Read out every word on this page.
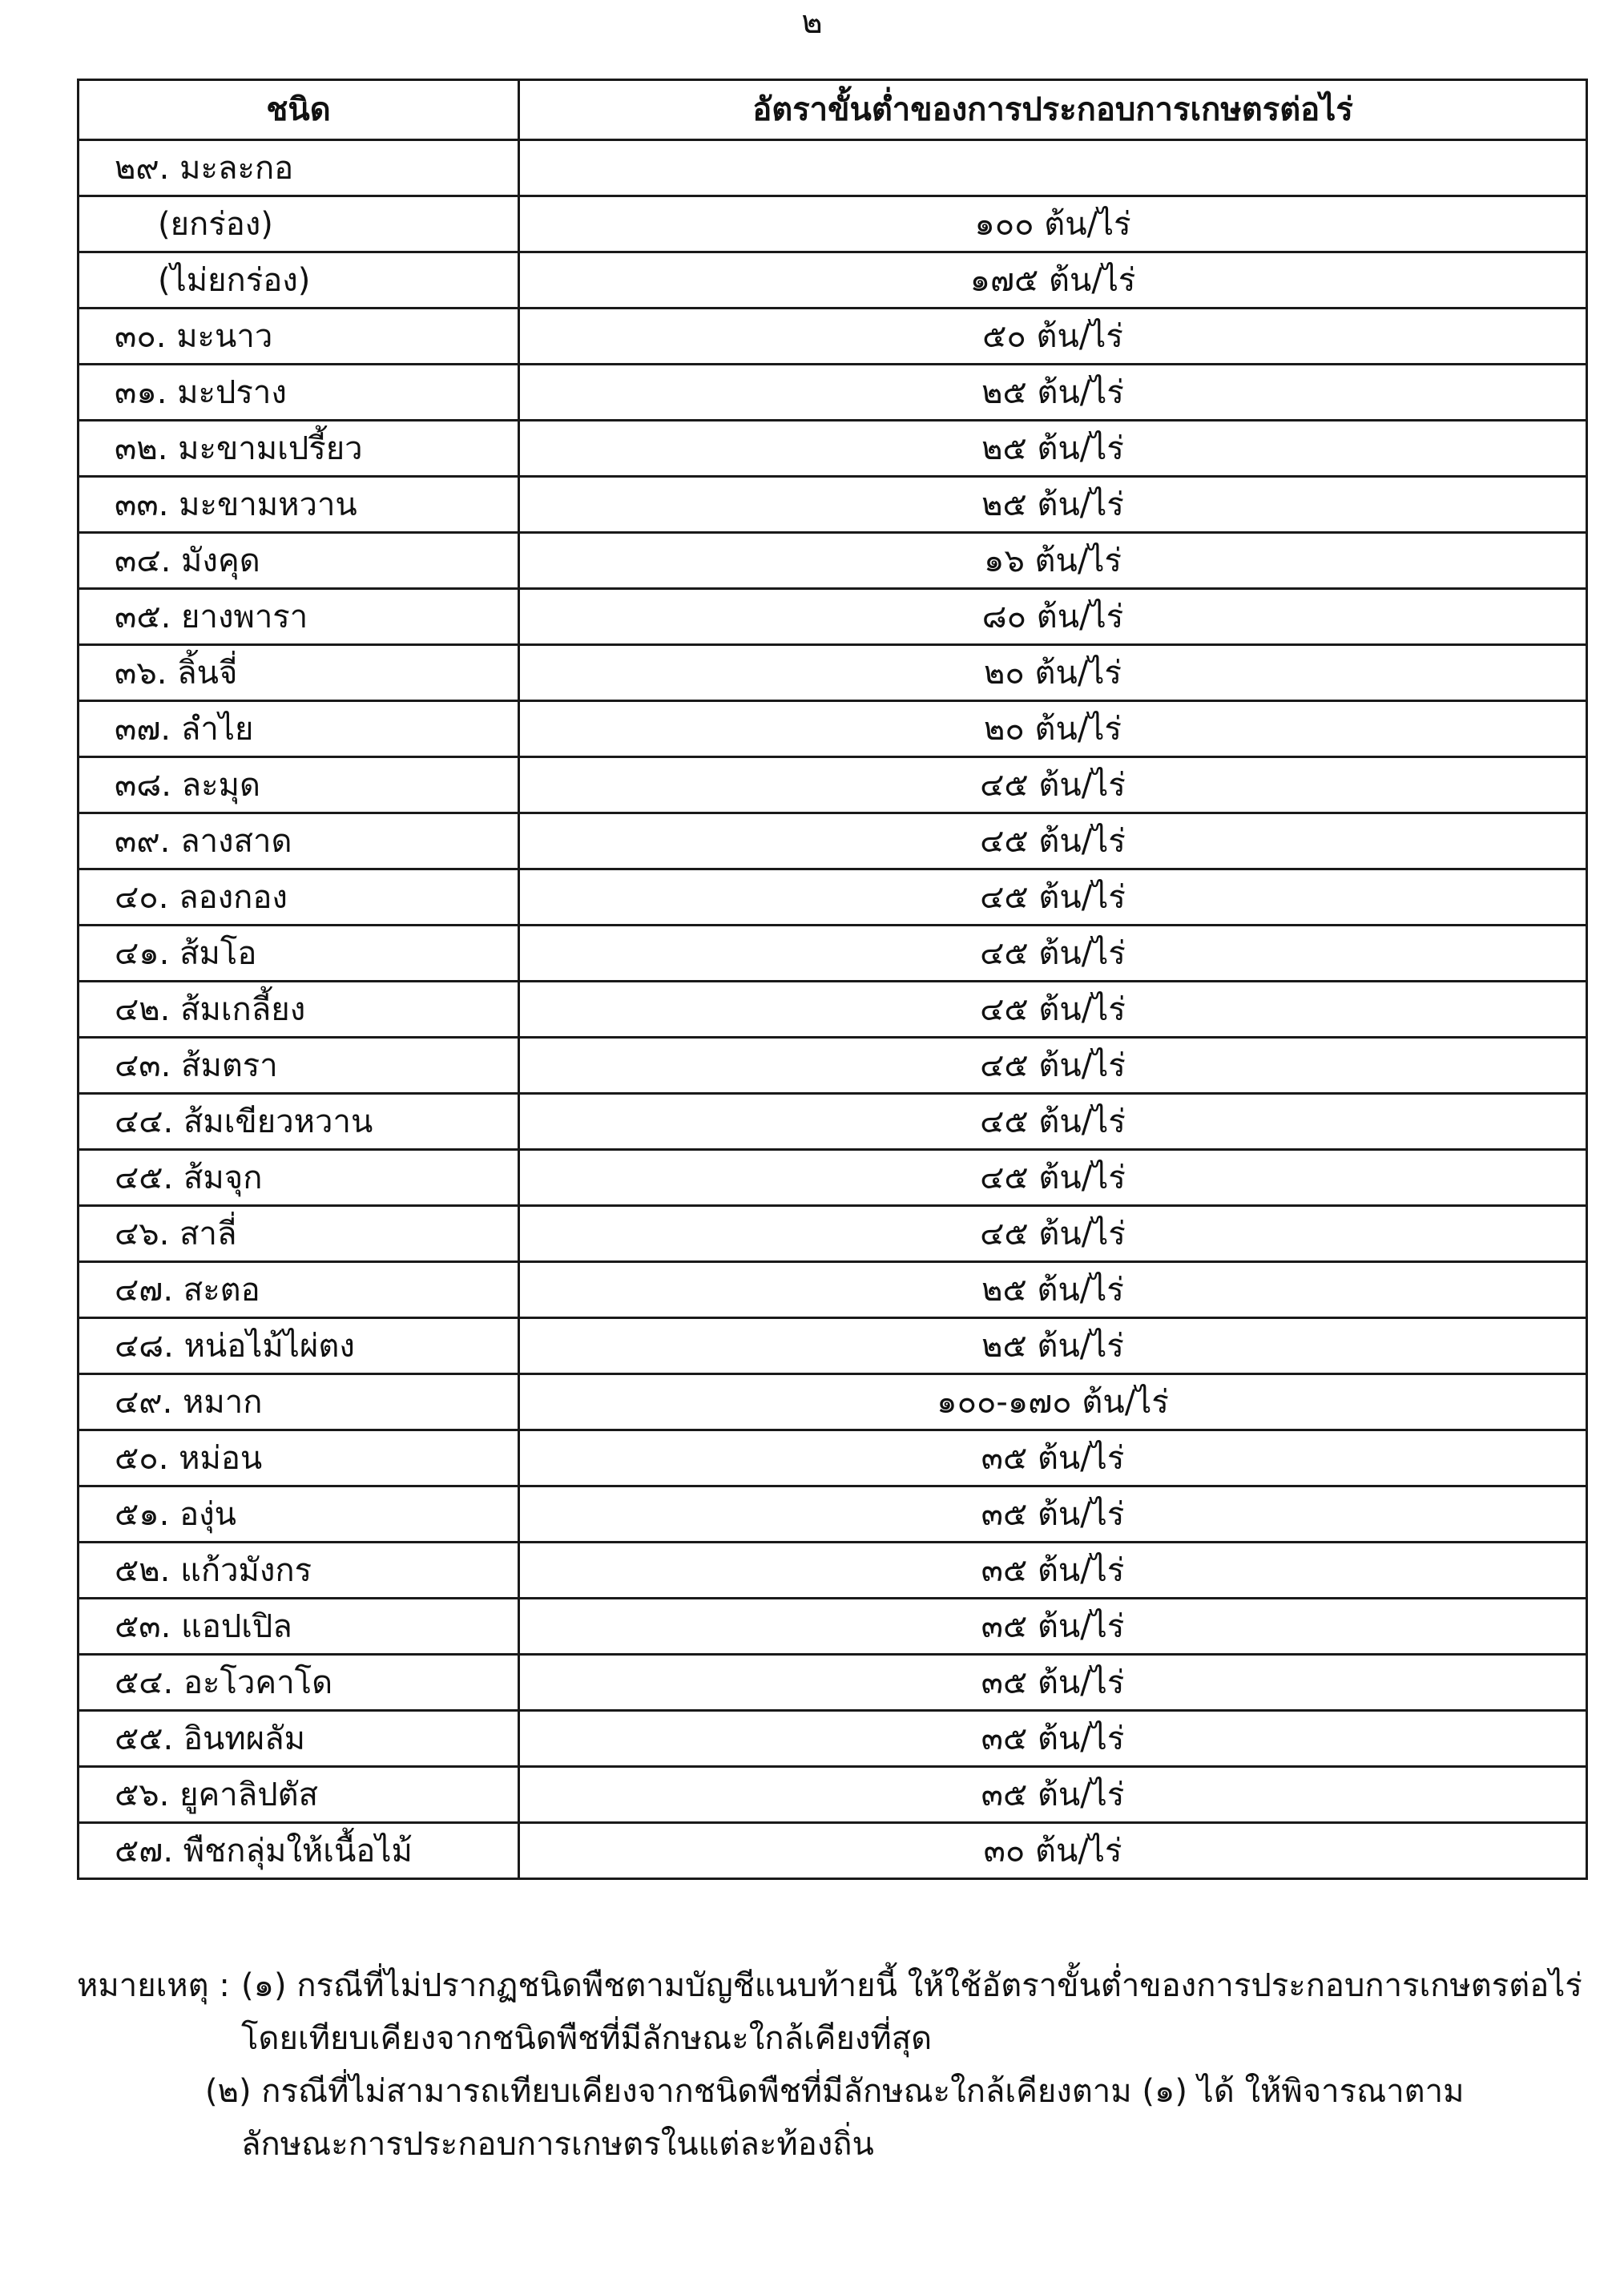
๒
ชนิด	อัตราขั้นต่ำของการประกอบการเกษตรต่อไร่
๒๙. มะละกอ	
(ยกร่อง)	๑๐๐ ต้น/ไร่
(ไม่ยกร่อง)	๑๗๕ ต้น/ไร่
๓๐. มะนาว	๕๐ ต้น/ไร่
๓๑. มะปราง	๒๕ ต้น/ไร่
๓๒. มะขามเปรี้ยว	๒๕ ต้น/ไร่
๓๓. มะขามหวาน	๒๕ ต้น/ไร่
๓๔. มังคุด	๑๖ ต้น/ไร่
๓๕. ยางพารา	๘๐ ต้น/ไร่
๓๖. ลิ้นจี่	๒๐ ต้น/ไร่
๓๗. ลำไย	๒๐ ต้น/ไร่
๓๘. ละมุด	๔๕ ต้น/ไร่
๓๙. ลางสาด	๔๕ ต้น/ไร่
๔๐. ลองกอง	๔๕ ต้น/ไร่
๔๑. ส้มโอ	๔๕ ต้น/ไร่
๔๒. ส้มเกลี้ยง	๔๕ ต้น/ไร่
๔๓. ส้มตรา	๔๕ ต้น/ไร่
๔๔. ส้มเขียวหวาน	๔๕ ต้น/ไร่
๔๕. ส้มจุก	๔๕ ต้น/ไร่
๔๖. สาลี่	๔๕ ต้น/ไร่
๔๗. สะตอ	๒๕ ต้น/ไร่
๔๘. หน่อไม้ไผ่ตง	๒๕ ต้น/ไร่
๔๙. หมาก	๑๐๐-๑๗๐ ต้น/ไร่
๕๐. หม่อน	๓๕ ต้น/ไร่
๕๑. องุ่น	๓๕ ต้น/ไร่
๕๒. แก้วมังกร	๓๕ ต้น/ไร่
๕๓. แอปเปิล	๓๕ ต้น/ไร่
๕๔. อะโวคาโด	๓๕ ต้น/ไร่
๕๕. อินทผลัม	๓๕ ต้น/ไร่
๕๖. ยูคาลิปตัส	๓๕ ต้น/ไร่
๕๗. พืชกลุ่มให้เนื้อไม้	๓๐ ต้น/ไร่
หมายเหตุ : (๑) กรณีที่ไม่ปรากฏชนิดพืชตามบัญชีแนบท้ายนี้ ให้ใช้อัตราขั้นต่ำของการประกอบการเกษตรต่อไร่
โดยเทียบเคียงจากชนิดพืชที่มีลักษณะใกล้เคียงที่สุด
(๒) กรณีที่ไม่สามารถเทียบเคียงจากชนิดพืชที่มีลักษณะใกล้เคียงตาม (๑) ได้ ให้พิจารณาตาม
ลักษณะการประกอบการเกษตรในแต่ละท้องถิ่น
